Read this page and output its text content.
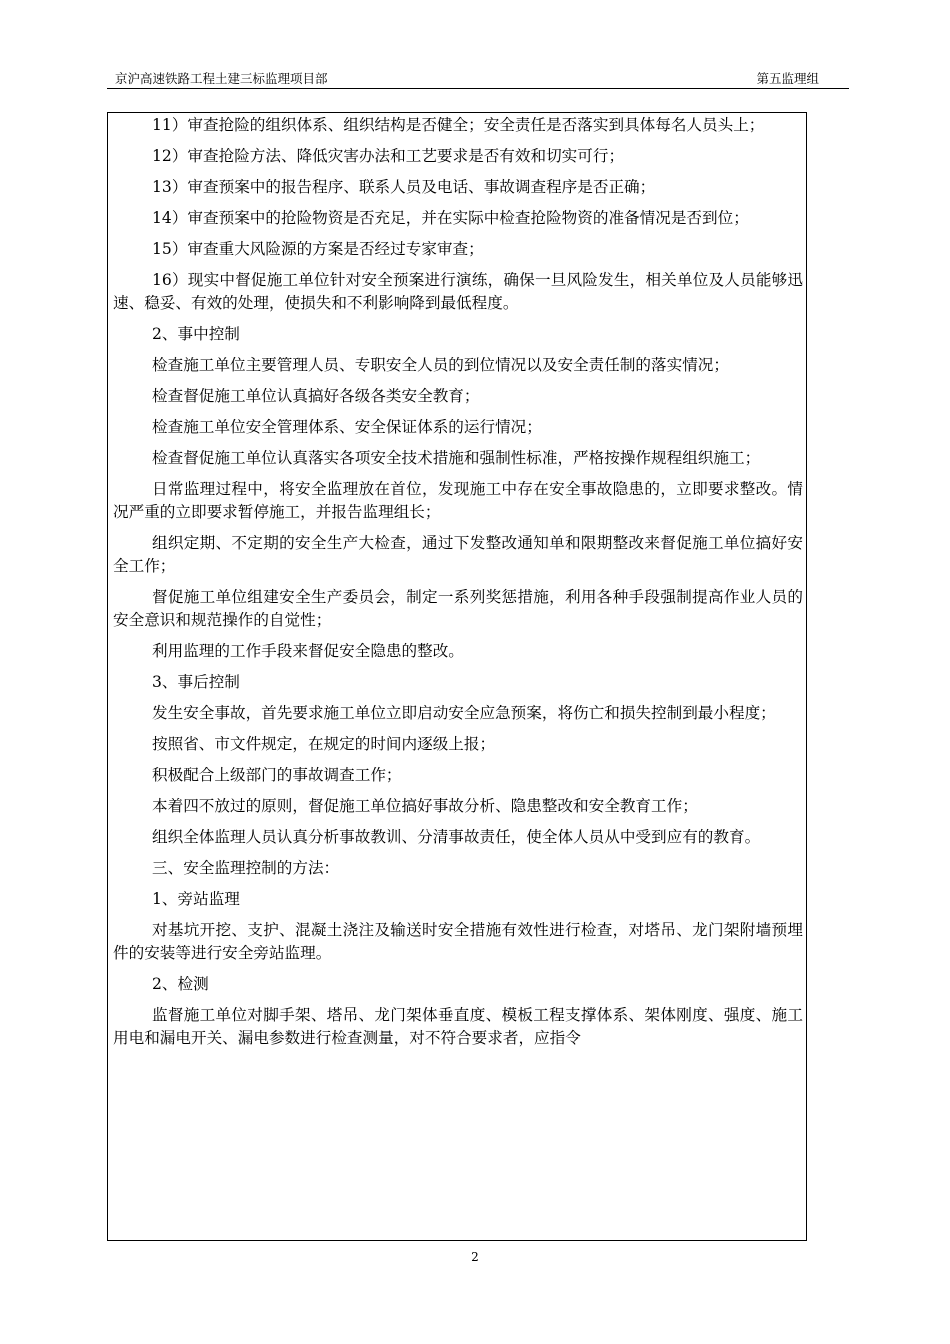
京沪高速铁路工程土建三标监理项目部	第五监理组

11）审查抢险的组织体系、组织结构是否健全；安全责任是否落实到具体每名人员头上；

12）审查抢险方法、降低灾害办法和工艺要求是否有效和切实可行；

13）审查预案中的报告程序、联系人员及电话、事故调查程序是否正确；

14）审查预案中的抢险物资是否充足，并在实际中检查抢险物资的准备情况是否到位；

15）审查重大风险源的方案是否经过专家审查；

16）现实中督促施工单位针对安全预案进行演练，确保一旦风险发生，相关单位及人员能够迅速、稳妥、有效的处理，使损失和不利影响降到最低程度。

2、事中控制

检查施工单位主要管理人员、专职安全人员的到位情况以及安全责任制的落实情况；

检查督促施工单位认真搞好各级各类安全教育；

检查施工单位安全管理体系、安全保证体系的运行情况；

检查督促施工单位认真落实各项安全技术措施和强制性标准，严格按操作规程组织施工；

日常监理过程中，将安全监理放在首位，发现施工中存在安全事故隐患的，立即要求整改。情况严重的立即要求暂停施工，并报告监理组长；

组织定期、不定期的安全生产大检查，通过下发整改通知单和限期整改来督促施工单位搞好安全工作；

督促施工单位组建安全生产委员会，制定一系列奖惩措施，利用各种手段强制提高作业人员的安全意识和规范操作的自觉性；

利用监理的工作手段来督促安全隐患的整改。

3、事后控制

发生安全事故，首先要求施工单位立即启动安全应急预案，将伤亡和损失控制到最小程度；

按照省、市文件规定，在规定的时间内逐级上报；

积极配合上级部门的事故调查工作；

本着四不放过的原则，督促施工单位搞好事故分析、隐患整改和安全教育工作；

组织全体监理人员认真分析事故教训、分清事故责任，使全体人员从中受到应有的教育。

三、安全监理控制的方法：

1、旁站监理

对基坑开挖、支护、混凝土浇注及输送时安全措施有效性进行检查，对塔吊、龙门架附墙预埋件的安装等进行安全旁站监理。

2、检测

监督施工单位对脚手架、塔吊、龙门架体垂直度、模板工程支撑体系、架体刚度、强度、施工用电和漏电开关、漏电参数进行检查测量，对不符合要求者，应指令

2
